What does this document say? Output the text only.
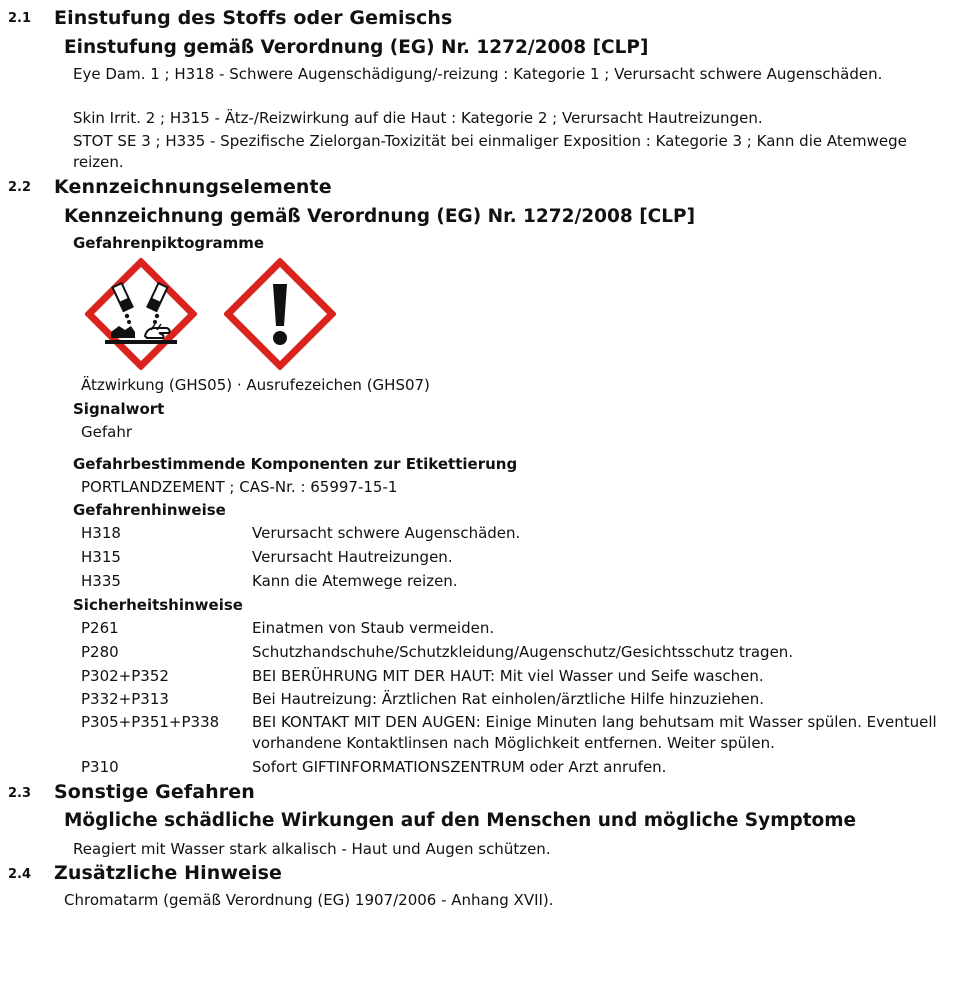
2.1 Einstufung des Stoffs oder Gemischs
Einstufung gemäß Verordnung (EG) Nr. 1272/2008 [CLP]
Eye Dam. 1 ; H318 - Schwere Augenschädigung/-reizung : Kategorie 1 ; Verursacht schwere Augenschäden.
Skin Irrit. 2 ; H315 - Ätz-/Reizwirkung auf die Haut : Kategorie 2 ; Verursacht Hautreizungen.
STOT SE 3 ; H335 - Spezifische Zielorgan-Toxizität bei einmaliger Exposition : Kategorie 3 ; Kann die Atemwege reizen.
2.2 Kennzeichnungselemente
Kennzeichnung gemäß Verordnung (EG) Nr. 1272/2008 [CLP]
Gefahrenpiktogramme
Ätzwirkung (GHS05) · Ausrufezeichen (GHS07)
Signalwort
Gefahr
Gefahrbestimmende Komponenten zur Etikettierung
PORTLANDZEMENT ; CAS-Nr. : 65997-15-1
Gefahrenhinweise
H318	Verursacht schwere Augenschäden.
H315	Verursacht Hautreizungen.
H335	Kann die Atemwege reizen.
Sicherheitshinweise
P261	Einatmen von Staub vermeiden.
P280	Schutzhandschuhe/Schutzkleidung/Augenschutz/Gesichtsschutz tragen.
P302+P352	BEI BERÜHRUNG MIT DER HAUT: Mit viel Wasser und Seife waschen.
P332+P313	Bei Hautreizung: Ärztlichen Rat einholen/ärztliche Hilfe hinzuziehen.
P305+P351+P338 BEI KONTAKT MIT DEN AUGEN: Einige Minuten lang behutsam mit Wasser spülen. Eventuell vorhandene Kontaktlinsen nach Möglichkeit entfernen. Weiter spülen.
P310	Sofort GIFTINFORMATIONSZENTRUM oder Arzt anrufen.
2.3 Sonstige Gefahren
Mögliche schädliche Wirkungen auf den Menschen und mögliche Symptome
Reagiert mit Wasser stark alkalisch - Haut und Augen schützen.
2.4 Zusätzliche Hinweise
Chromatarm (gemäß Verordnung (EG) 1907/2006 - Anhang XVII).
